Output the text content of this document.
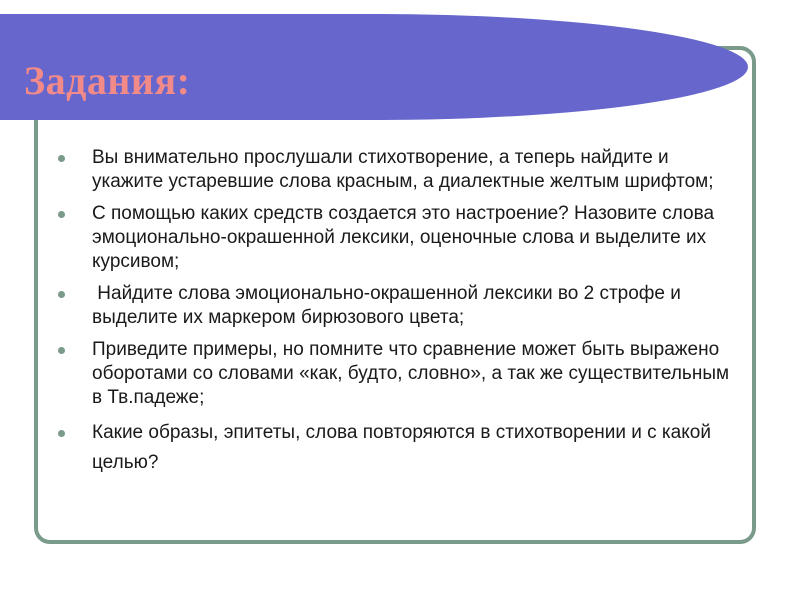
Задания:
Вы внимательно прослушали стихотворение, а теперь найдите и укажите устаревшие слова красным, а диалектные желтым шрифтом;
С помощью каких средств создается это настроение? Назовите слова эмоционально-окрашенной лексики, оценочные слова и выделите их курсивом;
Найдите слова эмоционально-окрашенной лексики во 2 строфе и выделите их маркером бирюзового цвета;
Приведите примеры, но помните что сравнение может быть выражено оборотами со словами «как, будто, словно», а так же существительным в Тв.падеже;
Какие образы, эпитеты, слова повторяются в стихотворении и с какой целью?
